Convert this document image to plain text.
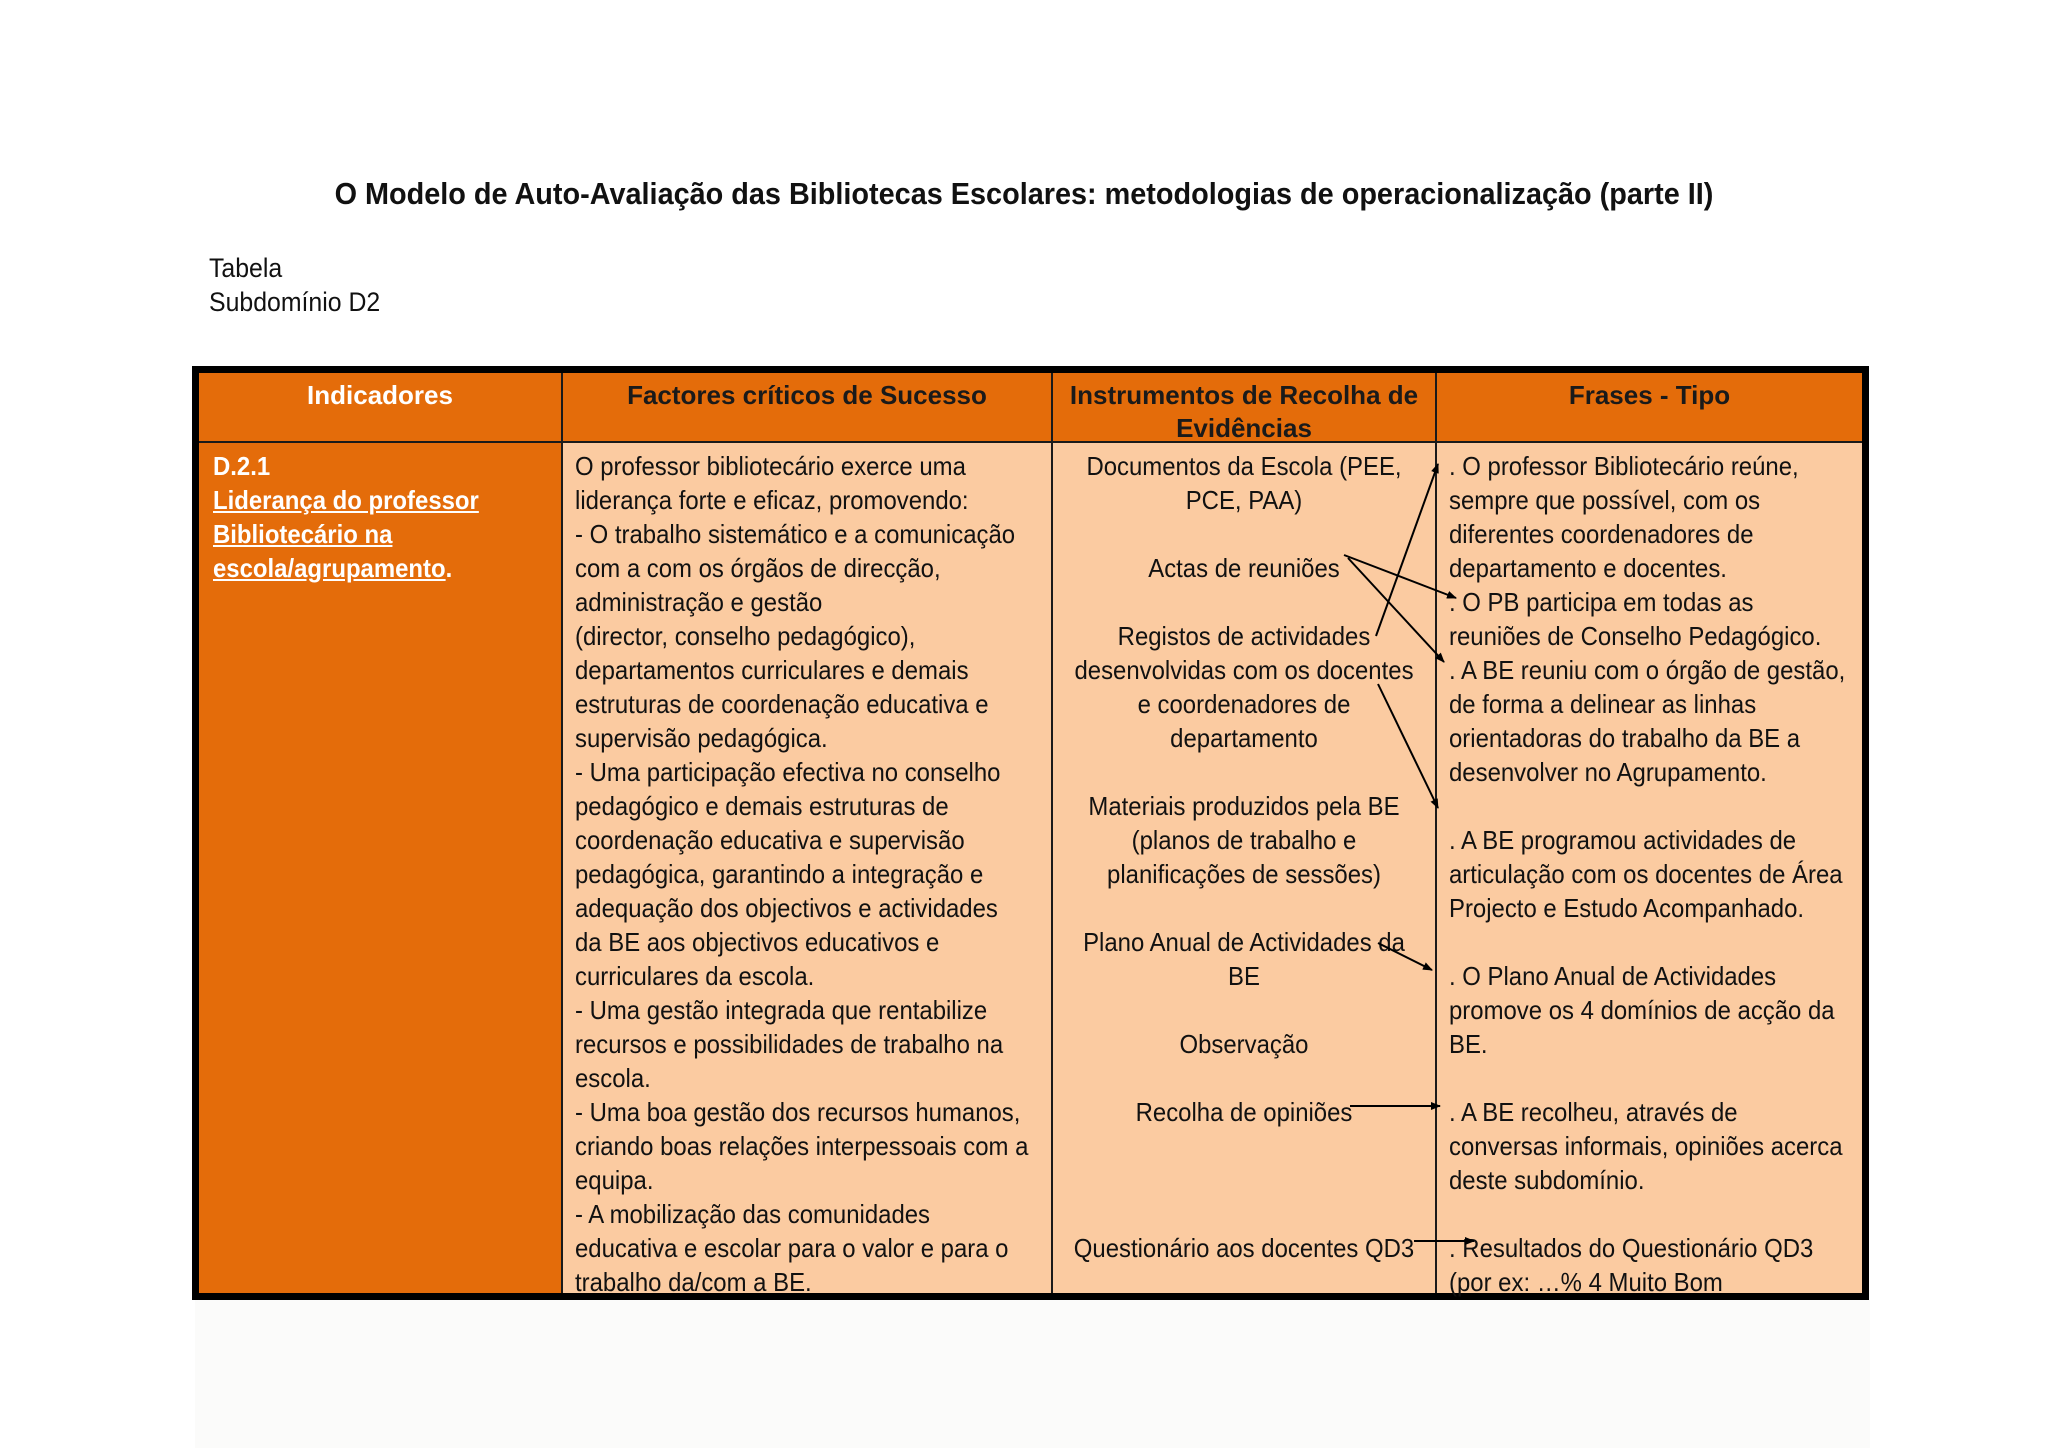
O Modelo de Auto-Avaliação das Bibliotecas Escolares: metodologias de operacionalização (parte II)
Tabela
Subdomínio D2
Indicadores	Factores críticos de Sucesso	Instrumentos de Recolha de
Evidências
Frases - Tipo
D.2.1
Liderança do professor
Bibliotecário na
escola/agrupamento.
O professor bibliotecário exerce uma
liderança forte e eficaz, promovendo:
- O trabalho sistemático e a comunicação
com a com os órgãos de direcção,
administração e gestão
(director, conselho pedagógico),
departamentos curriculares e demais
estruturas de coordenação educativa e
supervisão pedagógica.
- Uma participação efectiva no conselho
pedagógico e demais estruturas de
coordenação educativa e supervisão
pedagógica, garantindo a integração e
adequação dos objectivos e actividades
da BE aos objectivos educativos e
curriculares da escola.
- Uma gestão integrada que rentabilize
recursos e possibilidades de trabalho na
escola.
- Uma boa gestão dos recursos humanos,
criando boas relações interpessoais com a
equipa.
- A mobilização das comunidades
educativa e escolar para o valor e para o
trabalho da/com a BE.
Documentos da Escola (PEE,
PCE, PAA)

Actas de reuniões

Registos de actividades
desenvolvidas com os docentes
e coordenadores de
departamento

Materiais produzidos pela BE
(planos de trabalho e
planificações de sessões)

Plano Anual de Actividades da
BE

Observação

Recolha de opiniões

Questionário aos docentes QD3
. O professor Bibliotecário reúne,
sempre que possível, com os
diferentes coordenadores de
departamento e docentes.
. O PB participa em todas as
reuniões de Conselho Pedagógico.
. A BE reuniu com o órgão de gestão,
de forma a delinear as linhas
orientadoras do trabalho da BE a
desenvolver no Agrupamento.

. A BE programou actividades de
articulação com os docentes de Área
Projecto e Estudo Acompanhado.

. O Plano Anual de Actividades
promove os 4 domínios de acção da
BE.

. A BE recolheu, através de
conversas informais, opiniões acerca
deste subdomínio.

. Resultados do Questionário QD3
(por ex: …% 4 Muito Bom
